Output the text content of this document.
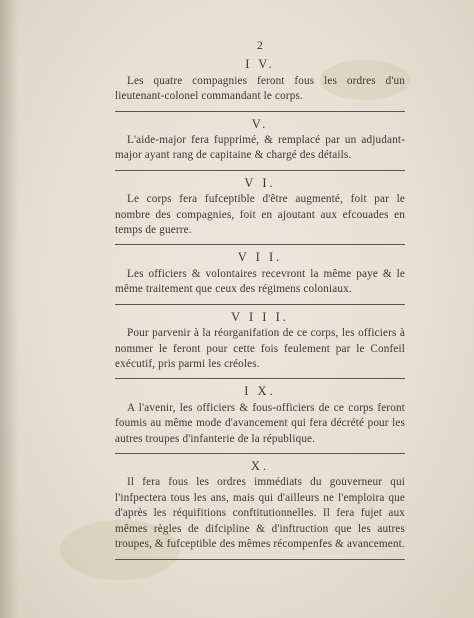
2
I V.

Les quatre compagnies feront fous les ordres d'un lieutenant-colonel commandant le corps.

V.

L'aide-major fera fupprimé, & remplacé par un adjudant-major ayant rang de capitaine & chargé des détails.

V I.

Le corps fera fufceptible d'être augmenté, foit par le nombre des compagnies, foit en ajoutant aux efcouades en temps de guerre.

V I I.

Les officiers & volontaires recevront la même paye & le même traitement que ceux des régimens coloniaux.

V I I I.

Pour parvenir à la réorganifation de ce corps, les officiers à nommer le feront pour cette fois feulement par le Confeil exécutif, pris parmi les créoles.

I X.

A l'avenir, les officiers & fous-officiers de ce corps feront foumis au même mode d'avancement qui fera décrété pour les autres troupes d'infanterie de la république.

X.

Il fera fous les ordres immédiats du gouverneur qui l'infpectera tous les ans, mais qui d'ailleurs ne l'emploira que d'après les réquifitions conftitutionnelles. Il fera fujet aux mêmes règles de difcipline & d'inftruction que les autres troupes, & fufceptible des mêmes récompenfes & avancement.
